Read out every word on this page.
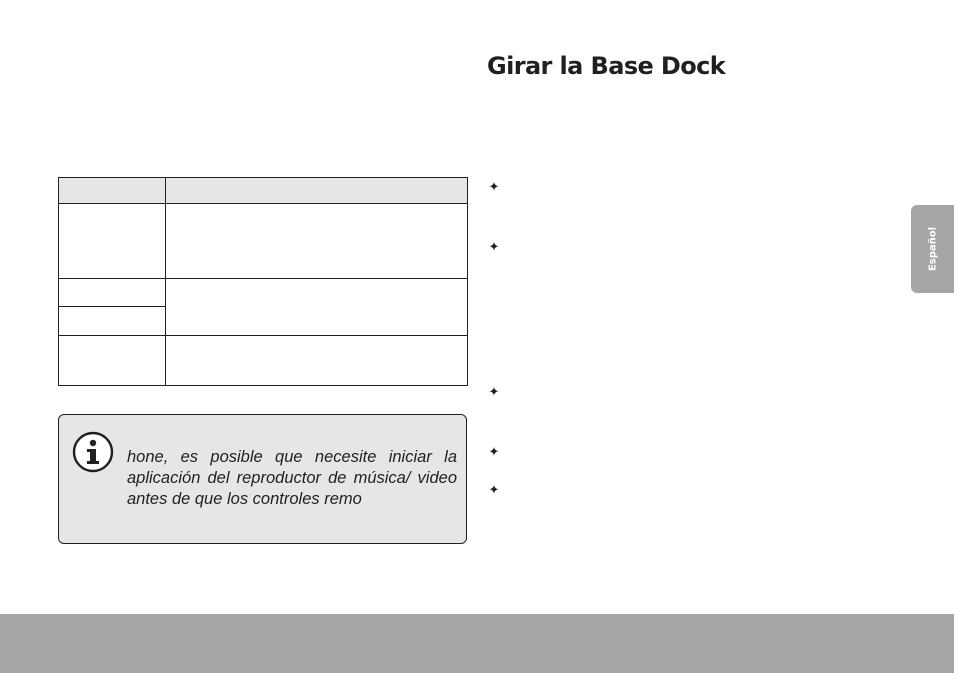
Girar la Base Dock

hone, es posible que necesite iniciar la aplicación del reproductor de música/ video antes de que los controles remo

✦
✦
✦
✦
✦
Español
